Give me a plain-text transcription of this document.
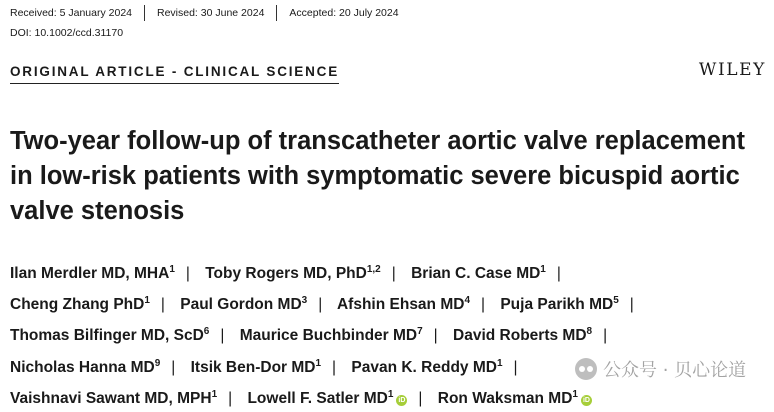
Received: 5 January 2024	Revised: 30 June 2024	Accepted: 20 July 2024
DOI: 10.1002/ccd.31170
ORIGINAL ARTICLE - CLINICAL SCIENCE	WILEY
Two-year follow-up of transcatheter aortic valve replacement in low-risk patients with symptomatic severe bicuspid aortic valve stenosis
Ilan Merdler MD, MHA$^1$ | Toby Rogers MD, PhD$^{1,2}$ | Brian C. Case $MD^1$ |
Cheng Zhang PhD$^1$ | Paul Gordon $MD^3$ | Afshin Ehsan $MD^4$ | Puja Parikh $MD^5$ |
Thomas Bilfinger MD, ScD$^6$ | Maurice Buchbinder $MD^7$ | David Roberts $MD^8$ |
Nicholas Hanna $MD^9$ | Itsik Ben-Dor $MD^1$ | Pavan K. Reddy $MD^1$ |
Vaishnavi Sawant MD, MPH$^1$ | Lowell F. Satler $MD^1iD$ | Ron Waksman $MD^1iD$
公众号 · 贝心论道
